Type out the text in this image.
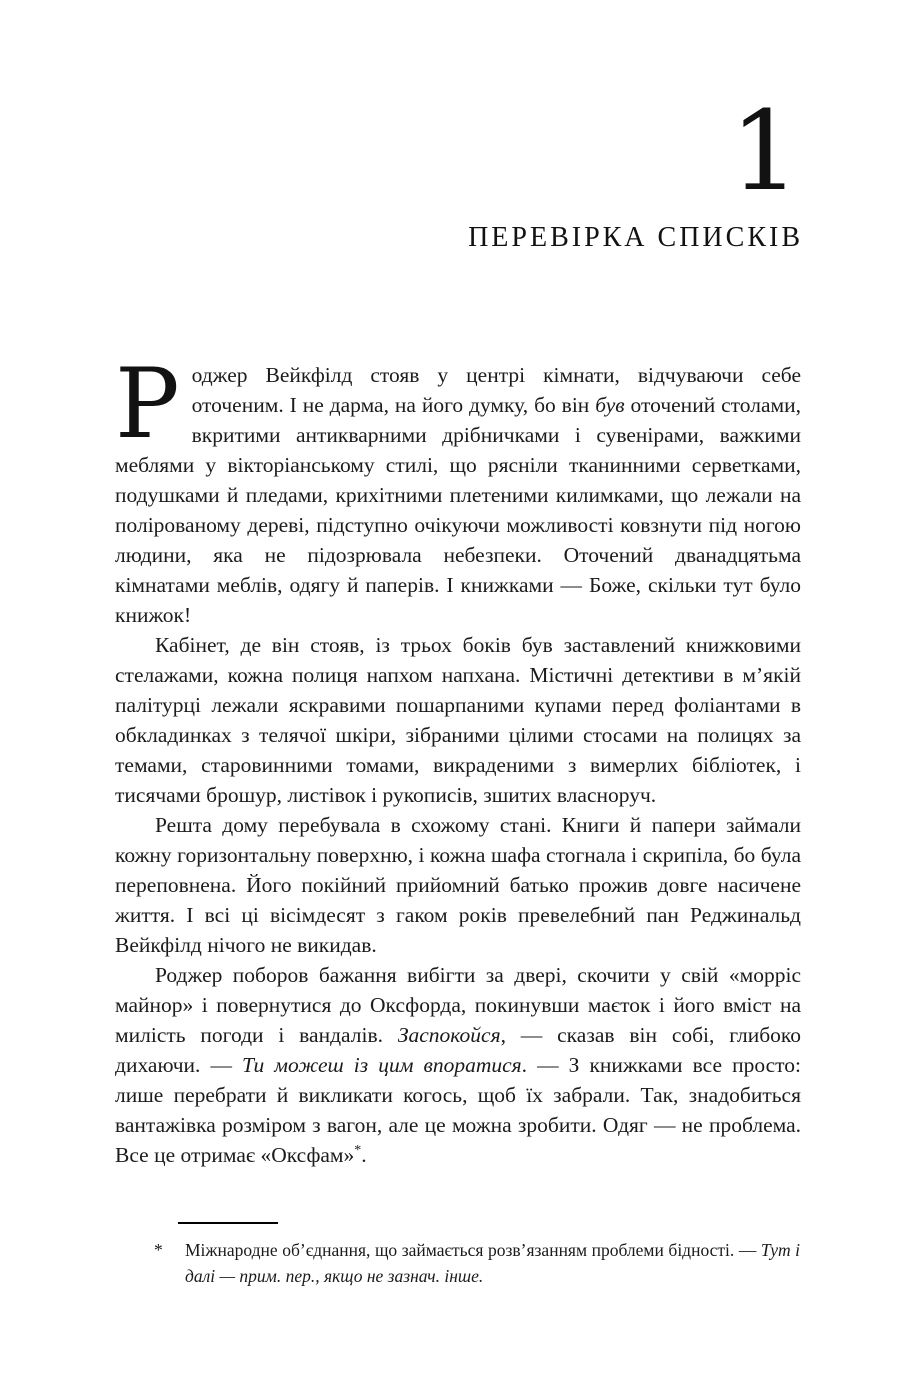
1
ПЕРЕВІРКА СПИСКІВ

Роджер Вейкфілд стояв у центрі кімнати, відчуваючи себе оточеним. І не дарма, на його думку, бо він був оточений столами, вкритими антикварними дрібничками і сувенірами, важкими меблями у вікторіанському стилі, що рясніли тканинними серветками, подушками й пледами, крихітними плетеними килимками, що лежали на полірованому дереві, підступно очікуючи можливості ковзнути під ногою людини, яка не підозрювала небезпеки. Оточений дванадцятьма кімнатами меблів, одягу й паперів. І книжками — Боже, скільки тут було книжок!

Кабінет, де він стояв, із трьох боків був заставлений книжковими стелажами, кожна полиця напхом напхана. Містичні детективи в м’якій палітурці лежали яскравими пошарпаними купами перед фоліантами в обкладинках з телячої шкіри, зібраними цілими стосами на полицях за темами, старовинними томами, викраденими з вимерлих бібліотек, і тисячами брошур, листівок і рукописів, зшитих власноруч.

Решта дому перебувала в схожому стані. Книги й папери займали кожну горизонтальну поверхню, і кожна шафа стогнала і скрипіла, бо була переповнена. Його покійний прийомний батько прожив довге насичене життя. І всі ці вісімдесят з гаком років превелебний пан Реджинальд Вейкфілд нічого не викидав.

Роджер поборов бажання вибігти за двері, скочити у свій «морріс майнор» і повернутися до Оксфорда, покинувши маєток і його вміст на милість погоди і вандалів. Заспокойся, — сказав він собі, глибоко дихаючи. — Ти можеш із цим впоратися. — З книжками все просто: лише перебрати й викликати когось, щоб їх забрали. Так, знадобиться вантажівка розміром з вагон, але це можна зробити. Одяг — не проблема. Все це отримає «Оксфам»*.

* Міжнародне об’єднання, що займається розв’язанням проблеми бідності. — Тут і далі — прим. пер., якщо не зазнач. інше.
